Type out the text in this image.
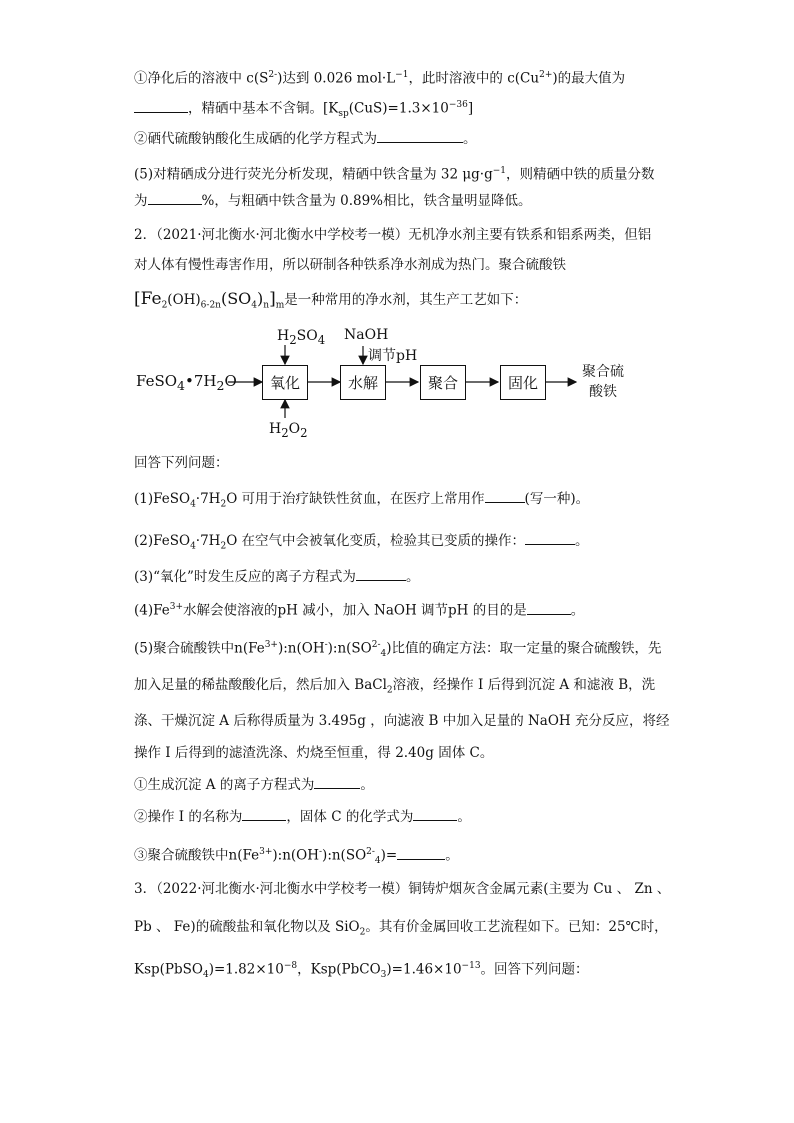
①净化后的溶液中 $c(S^{2-})$达到 0.026 $mol\cdot L^{-1}$，此时溶液中的 $c(Cu^{2+})$的最大值为
，精硒中基本不含铜。$[K_{sp}(CuS)=1.3\times 10^{-36}]$
②硒代硫酸钠酸化生成硒的化学方程式为	。
(5)对精硒成分进行荧光分析发现，精硒中铁含量为 32 $\mu g\cdot g^{-1}$，则精硒中铁的质量分数
为	%，与粗硒中铁含量为 0.89%相比，铁含量明显降低。
2．（2021·河北衡水·河北衡水中学校考一模）无机净水剂主要有铁系和铝系两类，但铝
对人体有慢性毒害作用，所以研制各种铁系净水剂成为热门。聚合硫酸铁
$[Fe_2(OH)_{6-2n}(SO_4)_n]_m$是一种常用的净水剂，其生产工艺如下：
$FeSO_4•7H_2O$	氧化	水解	聚合	固化
$H_2SO_4$ NaOH
调节pH
$H_2O_2$
聚合硫
酸铁
回答下列问题：
$(1)FeSO_4\cdot 7H_2O$ 可用于治疗缺铁性贫血，在医疗上常用作	(写一种)。
$(2)FeSO_4\cdot 7H_2O$ 在空气中会被氧化变质，检验其已变质的操作：	。
(3)“氧化”时发生反应的离子方程式为	。
$(4)Fe^{3+}$水解会使溶液的pH 减小，加入 NaOH 调节pH 的目的是	。
(5)聚合硫酸铁中$n(Fe^{3+}):n(OH^-):n(SO^{2-}_4)$比值的确定方法：取一定量的聚合硫酸铁，先
加入足量的稀盐酸酸化后，然后加入 BaCl$_2$溶液，经操作 I 后得到沉淀 A 和滤液 B，洗
涤、干燥沉淀 A 后称得质量为 3.495g ，向滤液 B 中加入足量的 NaOH 充分反应，将经
操作 I 后得到的滤渣洗涤、灼烧至恒重，得 2.40g 固体 C。
①生成沉淀 A 的离子方程式为	。
②操作 I 的名称为	，固体 C 的化学式为	。
③聚合硫酸铁中$n(Fe^{3+}):n(OH^-):n(SO^{2-}_4)=$	。
3．（2022·河北衡水·河北衡水中学校考一模）铜铸炉烟灰含金属元素(主要为 Cu 、 Zn 、
Pb 、 Fe)的硫酸盐和氧化物以及 SiO$_2$。其有价金属回收工艺流程如下。已知：25℃时，
$Ksp(PbSO_4)=1.82\times 10^{-8}$，$Ksp(PbCO_3)=1.46\times 10^{-13}$。回答下列问题：
